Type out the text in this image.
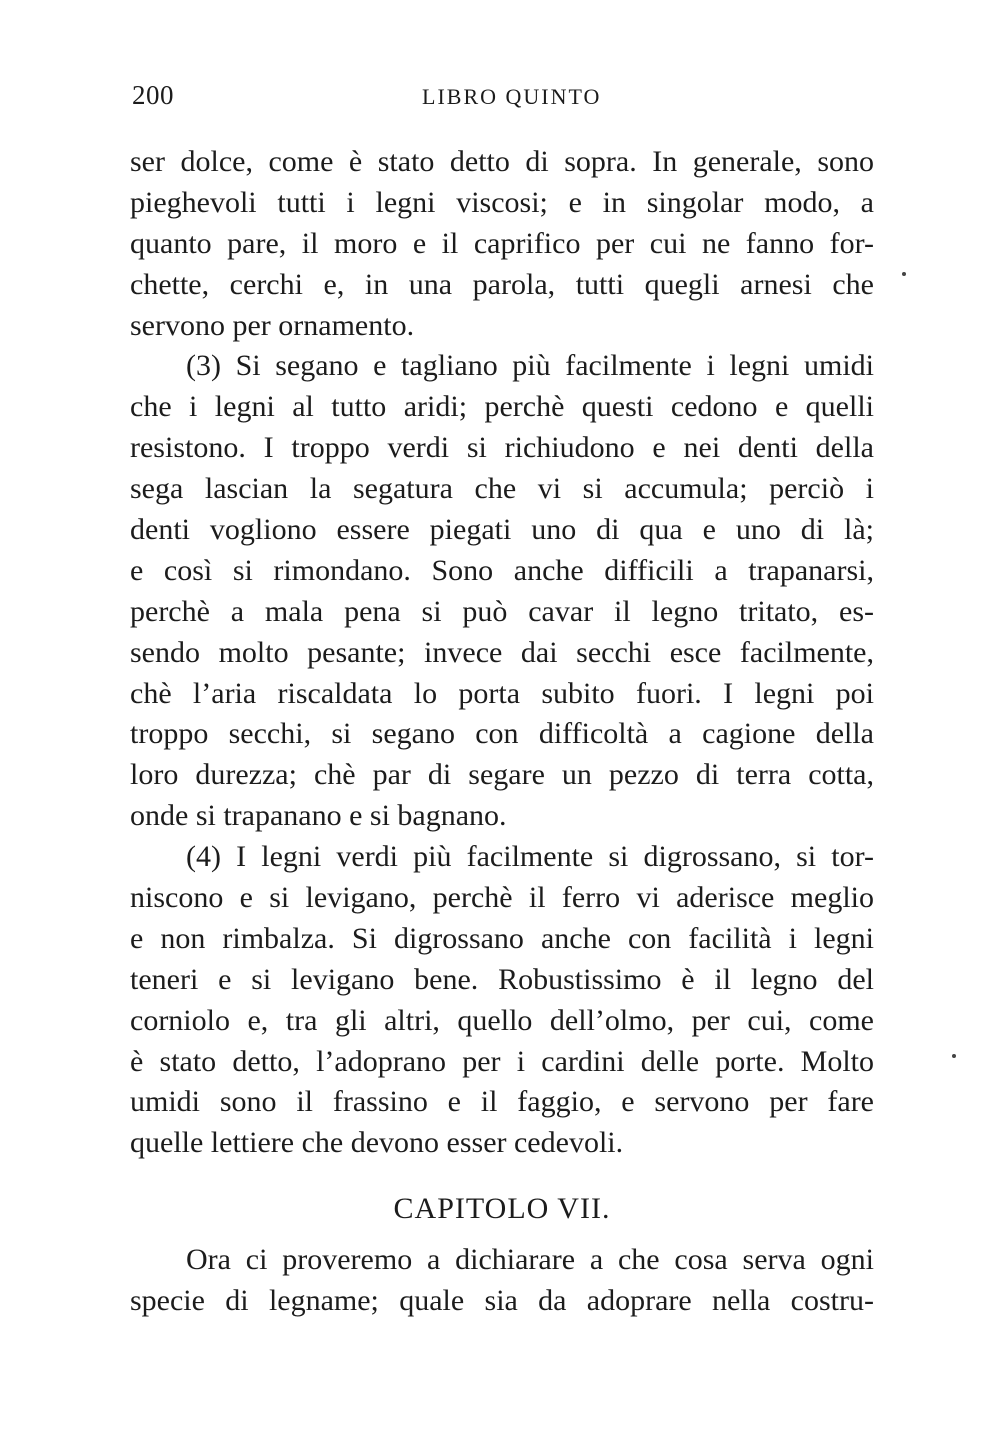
200	LIBRO QUINTO
ser dolce, come è stato detto di sopra. In generale, sono
pieghevoli tutti i legni viscosi; e in singolar modo, a
quanto pare, il moro e il caprifico per cui ne fanno for-
chette, cerchi e, in una parola, tutti quegli arnesi che
servono per ornamento.
(3) Si segano e tagliano più facilmente i legni umidi
che i legni al tutto aridi; perchè questi cedono e quelli
resistono. I troppo verdi si richiudono e nei denti della
sega lascian la segatura che vi si accumula; perciò i
denti vogliono essere piegati uno di qua e uno di là;
e così si rimondano. Sono anche difficili a trapanarsi,
perchè a mala pena si può cavar il legno tritato, es-
sendo molto pesante; invece dai secchi esce facilmente,
chè l’aria riscaldata lo porta subito fuori. I legni poi
troppo secchi, si segano con difficoltà a cagione della
loro durezza; chè par di segare un pezzo di terra cotta,
onde si trapanano e si bagnano.
(4) I legni verdi più facilmente si digrossano, si tor-
niscono e si levigano, perchè il ferro vi aderisce meglio
e non rimbalza. Si digrossano anche con facilità i legni
teneri e si levigano bene. Robustissimo è il legno del
corniolo e, tra gli altri, quello dell’olmo, per cui, come
è stato detto, l’adoprano per i cardini delle porte. Molto
umidi sono il frassino e il faggio, e servono per fare
quelle lettiere che devono esser cedevoli.
CAPITOLO VII.
Ora ci proveremo a dichiarare a che cosa serva ogni
specie di legname; quale sia da adoprare nella costru-
